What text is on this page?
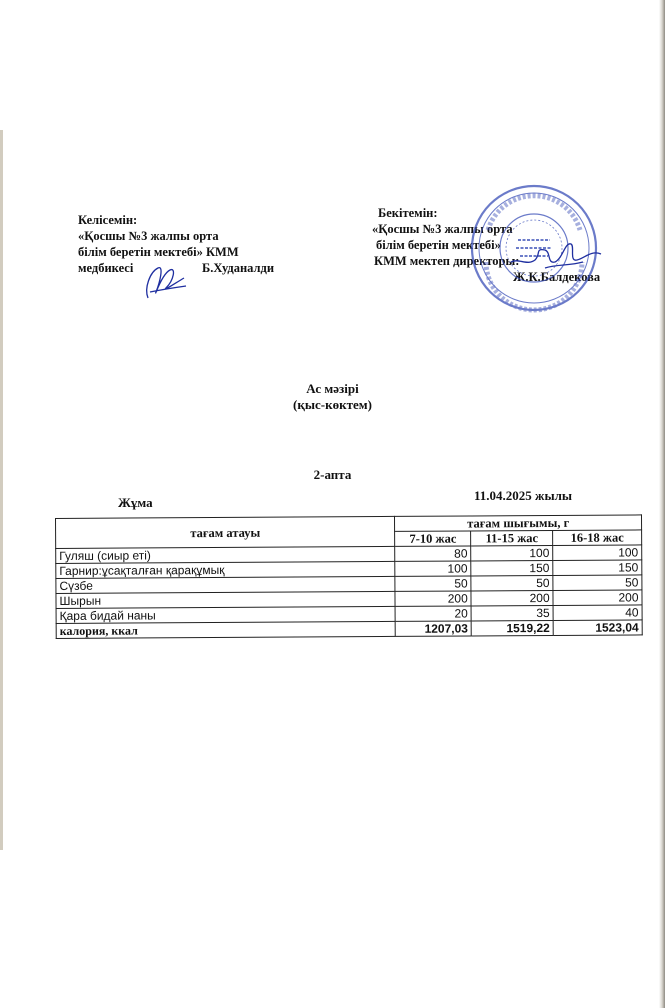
Келісемін:
«Қосшы №3 жалпы орта
білім беретін мектебі» КММ
медбикесі	Б.Худаналди
Бекітемін:
«Қосшы №3 жалпы орта
білім беретін мектебі»
КММ мектеп директоры:
Ж.К.Балдекова
Ас мәзірі
(қыс-көктем)
2-апта
Жұма	11.04.2025 жылы
тағам атауы	тағам шығымы, г		
	7-10 жас	11-15 жас	16-18 жас
Гуляш (сиыр еті)	80	100	100
Гарнир:ұсақталған қарақұмық	100	150	150
Сүзбе	50	50	50
Шырын	200	200	200
Қара бидай наны	20	35	40
калория, ккал	1207,03	1519,22	1523,04
